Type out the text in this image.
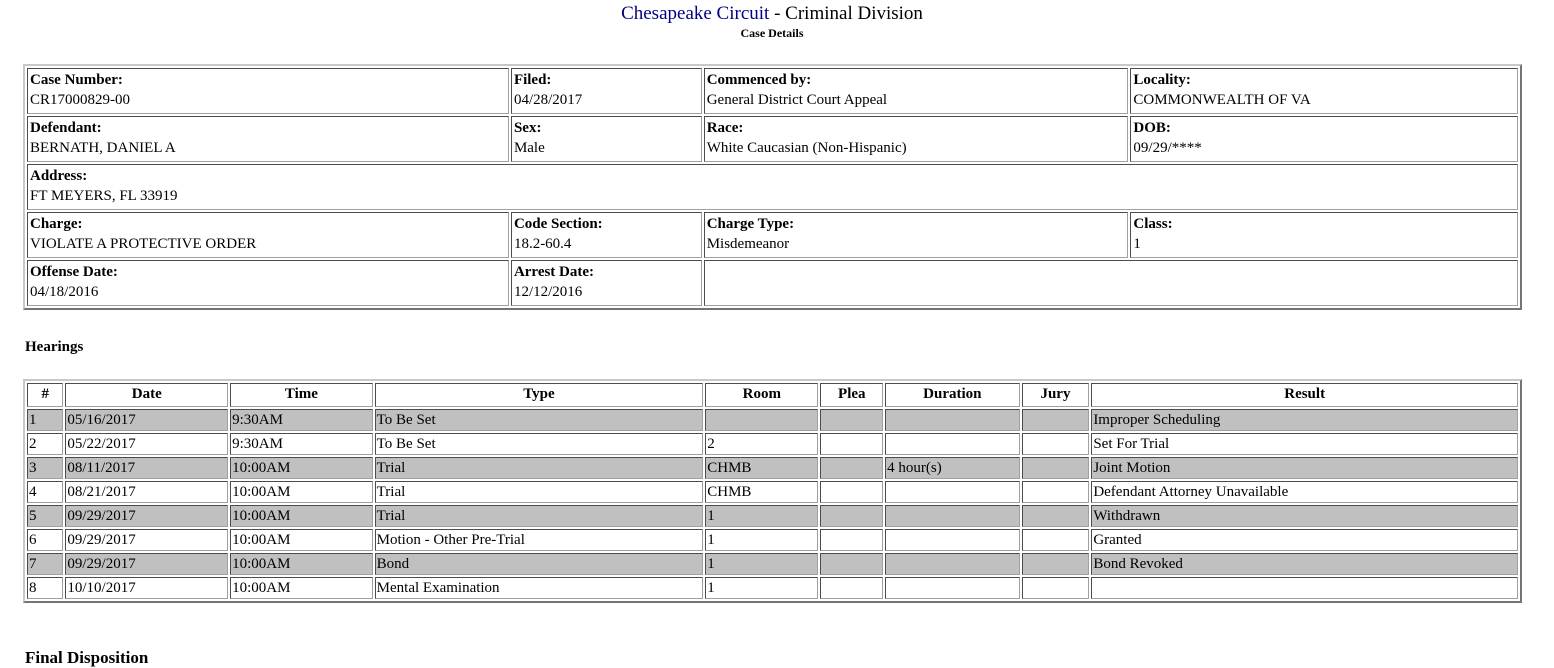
Chesapeake Circuit - Criminal Division
Case Details
Case Number:
CR17000829-00	Filed:
04/28/2017	Commenced by:
General District Court Appeal	Locality:
COMMONWEALTH OF VA

Defendant:
BERNATH, DANIEL A	Sex:
Male	Race:
White Caucasian (Non-Hispanic)	DOB:
09/29/****

Address:
FT MEYERS, FL 33919			

Charge:
VIOLATE A PROTECTIVE ORDER	Code Section:
18.2-60.4	Charge Type:
Misdemeanor	Class:
1

Offense Date:
04/18/2016	Arrest Date:
12/12/2016		

Hearings
#	Date	Time	Type	Room	Plea	Duration	Jury	Result
1	05/16/2017	9:30AM	To Be Set					Improper Scheduling
2	05/22/2017	9:30AM	To Be Set	2				Set For Trial
3	08/11/2017	10:00AM	Trial	CHMB		4 hour(s)		Joint Motion
4	08/21/2017	10:00AM	Trial	CHMB				Defendant Attorney Unavailable
5	09/29/2017	10:00AM	Trial	1				Withdrawn
6	09/29/2017	10:00AM	Motion - Other Pre-Trial	1				Granted
7	09/29/2017	10:00AM	Bond	1				Bond Revoked
8	10/10/2017	10:00AM	Mental Examination	1				
Final Disposition
